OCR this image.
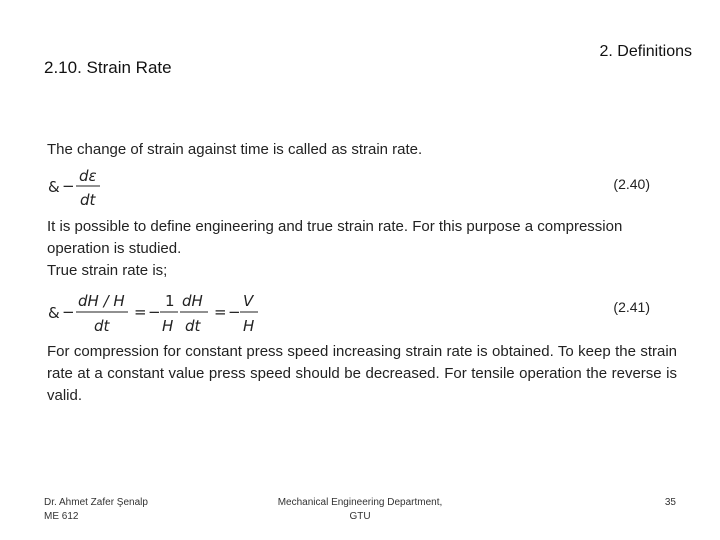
2.10. Strain Rate
2. Definitions
The change of strain against time is called as strain rate.
& −
dε
dt
(2.40)
It is possible to define engineering and true strain rate. For this purpose a compression operation is studied.
True strain rate is;
& −
dH / H
dt
= −
1
H
dH
dt
= −
V
H
(2.41)
For compression for constant press speed increasing strain rate is obtained. To keep the strain rate at a constant value press speed should be decreased. For tensile operation the reverse is valid.
Dr. Ahmet Zafer Şenalp
ME 612
Mechanical Engineering Department,
GTU
35
